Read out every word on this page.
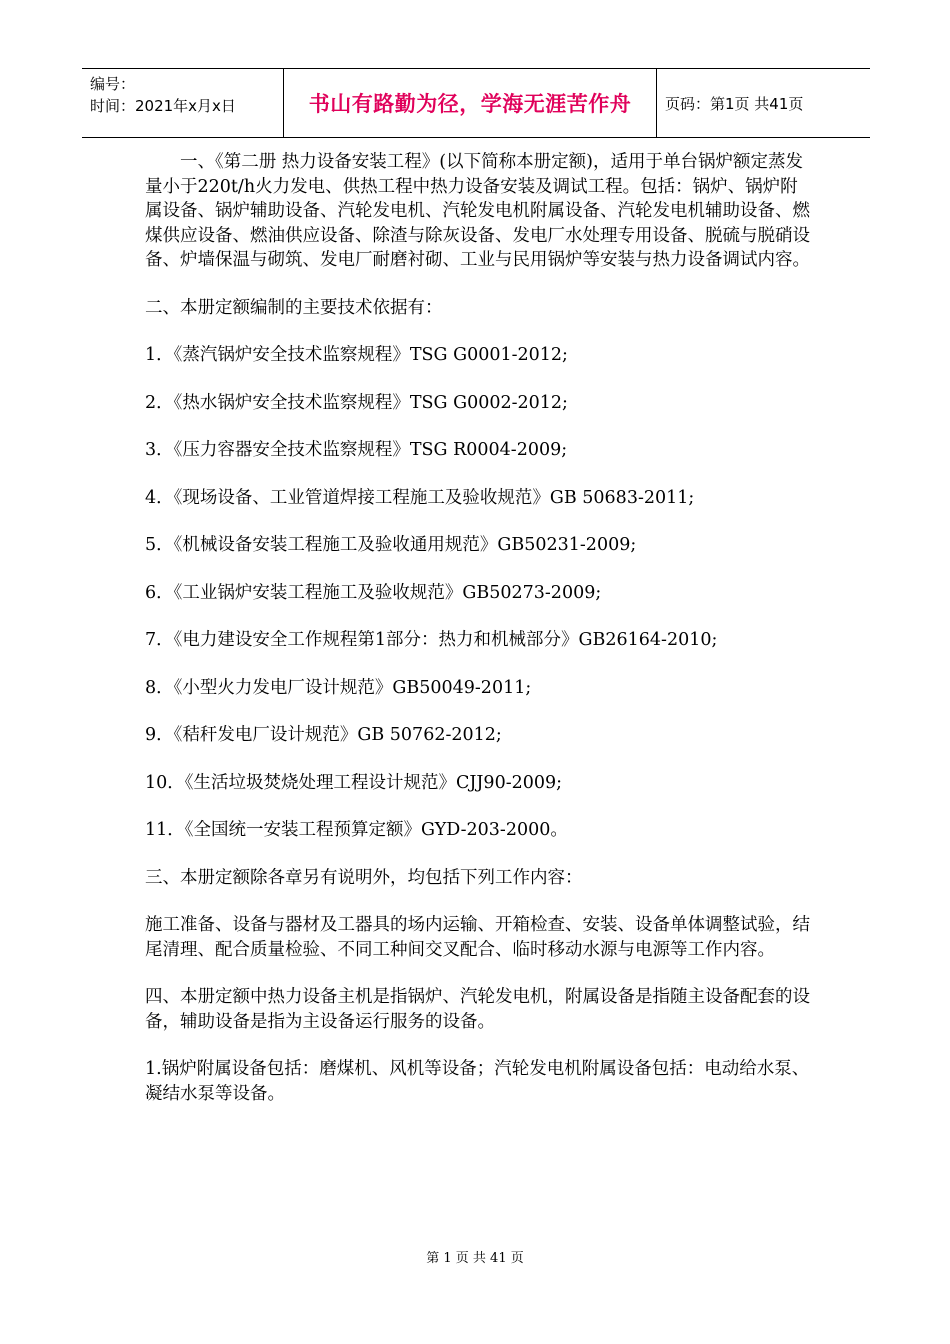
编号：
时间：2021年x月x日	书山有路勤为径，学海无涯苦作舟	页码：第1页 共41页

一、《第二册 热力设备安装工程》(以下简称本册定额)，适用于单台锅炉额定蒸发量小于220t/h火力发电、供热工程中热力设备安装及调试工程。包括：锅炉、锅炉附属设备、锅炉辅助设备、汽轮发电机、汽轮发电机附属设备、汽轮发电机辅助设备、燃煤供应设备、燃油供应设备、除渣与除灰设备、发电厂水处理专用设备、脱硫与脱硝设备、炉墙保温与砌筑、发电厂耐磨衬砌、工业与民用锅炉等安装与热力设备调试内容。

二、本册定额编制的主要技术依据有：

1．《蒸汽锅炉安全技术监察规程》TSG G0001-2012;

2．《热水锅炉安全技术监察规程》TSG G0002-2012;

3．《压力容器安全技术监察规程》TSG R0004-2009;

4．《现场设备、工业管道焊接工程施工及验收规范》GB 50683-2011;

5．《机械设备安装工程施工及验收通用规范》GB50231-2009;

6．《工业锅炉安装工程施工及验收规范》GB50273-2009;

7．《电力建设安全工作规程第1部分：热力和机械部分》GB26164-2010;

8．《小型火力发电厂设计规范》GB50049-2011;

9．《秸秆发电厂设计规范》GB 50762-2012;

10．《生活垃圾焚烧处理工程设计规范》CJJ90-2009;

11．《全国统一安装工程预算定额》GYD-203-2000。

三、本册定额除各章另有说明外，均包括下列工作内容：

施工准备、设备与器材及工器具的场内运输、开箱检查、安装、设备单体调整试验，结尾清理、配合质量检验、不同工种间交叉配合、临时移动水源与电源等工作内容。

四、本册定额中热力设备主机是指锅炉、汽轮发电机，附属设备是指随主设备配套的设备，辅助设备是指为主设备运行服务的设备。

1.锅炉附属设备包括：磨煤机、风机等设备；汽轮发电机附属设备包括：电动给水泵、凝结水泵等设备。

第 1 页 共 41 页
